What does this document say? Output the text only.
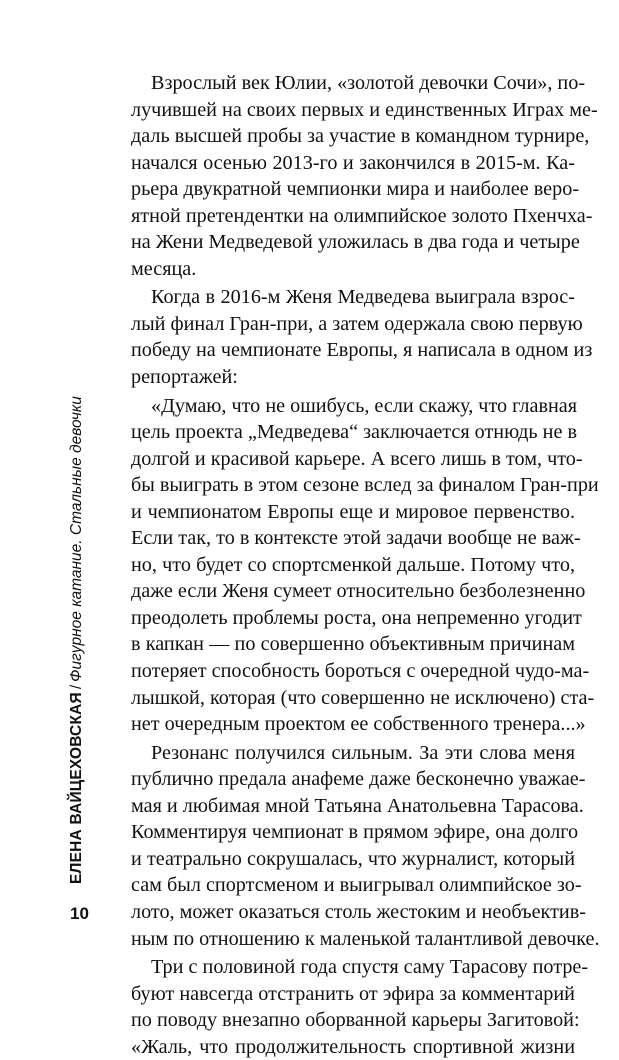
ЕЛЕНА ВАЙЦЕХОВСКАЯ/Фигурное катание. Стальные девочки
10
Взрослый век Юлии, «золотой девочки Сочи», по-
лучившей на своих первых и единственных Играх ме-
даль высшей пробы за участие в командном турнире,
начался осенью 2013-го и закончился в 2015-м. Ка-
рьера двукратной чемпионки мира и наиболее веро-
ятной претендентки на олимпийское золото Пхенчха-
на Жени Медведевой уложилась в два года и четыре
месяца.
Когда в 2016-м Женя Медведева выиграла взрос-
лый финал Гран-при, а затем одержала свою первую
победу на чемпионате Европы, я написала в одном из
репортажей:
«Думаю, что не ошибусь, если скажу, что главная
цель проекта „Медведева“ заключается отнюдь не в
долгой и красивой карьере. А всего лишь в том, что-
бы выиграть в этом сезоне вслед за финалом Гран-при
и чемпионатом Европы еще и мировое первенство.
Если так, то в контексте этой задачи вообще не важ-
но, что будет со спортсменкой дальше. Потому что,
даже если Женя сумеет относительно безболезненно
преодолеть проблемы роста, она непременно угодит
в капкан — по совершенно объективным причинам
потеряет способность бороться с очередной чудо-ма-
лышкой, которая (что совершенно не исключено) ста-
нет очередным проектом ее собственного тренера...»
Резонанс получился сильным. За эти слова меня
публично предала анафеме даже бесконечно уважае-
мая и любимая мной Татьяна Анатольевна Тарасова.
Комментируя чемпионат в прямом эфире, она долго
и театрально сокрушалась, что журналист, который
сам был спортсменом и выигрывал олимпийское зо-
лото, может оказаться столь жестоким и необъектив-
ным по отношению к маленькой талантливой девочке.
Три с половиной года спустя саму Тарасову потре-
буют навсегда отстранить от эфира за комментарий
по поводу внезапно оборванной карьеры Загитовой:
«Жаль, что продолжительность спортивной жизни
